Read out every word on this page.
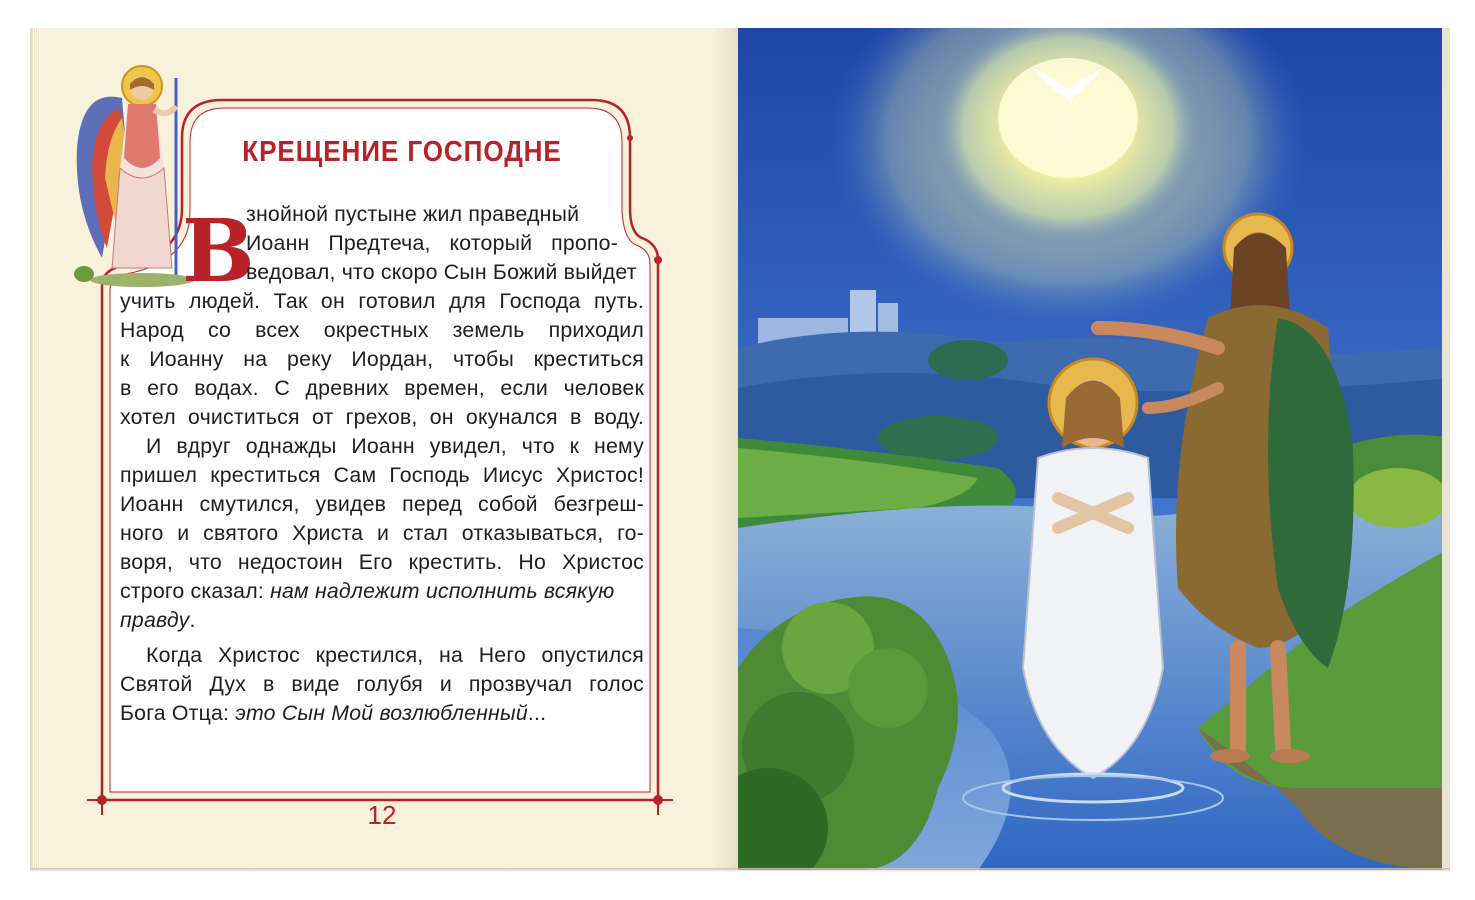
КРЕЩЕНИЕ ГОСПОДНЕ
В
знойной пустыне жил праведный
Иоанн Предтеча, который пропо-
ведовал, что скоро Сын Божий выйдет
учить людей. Так он готовил для Господа путь.
Народ со всех окрестных земель приходил
к Иоанну на реку Иордан, чтобы креститься
в его водах. С древних времен, если человек
хотел очиститься от грехов, он окунался в воду.
И вдруг однажды Иоанн увидел, что к нему
пришел креститься Сам Господь Иисус Христос!
Иоанн смутился, увидев перед собой безгреш-
ного и святого Христа и стал отказываться, го-
воря, что недостоин Его крестить. Но Христос
строго сказал: нам надлежит исполнить всякую
правду.
Когда Христос крестился, на Него опустился
Святой Дух в виде голубя и прозвучал голос
Бога Отца: это Сын Мой возлюбленный...
12
